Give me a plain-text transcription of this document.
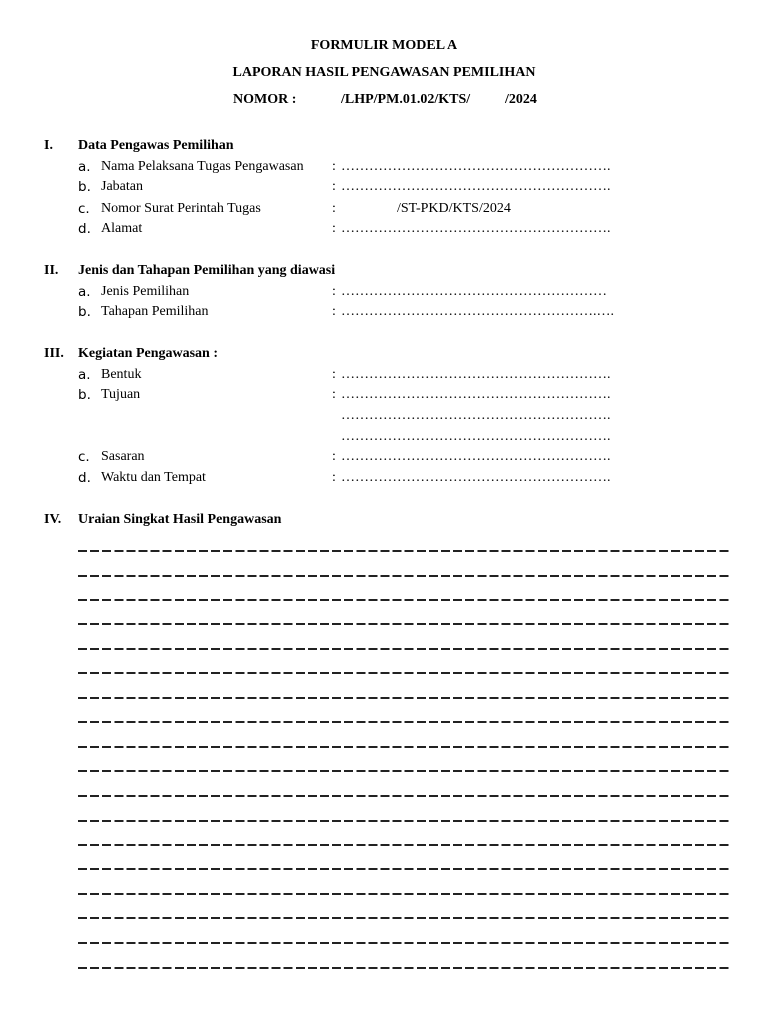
FORMULIR MODEL A
LAPORAN HASIL PENGAWASAN PEMILIHAN
NOMOR :	/LHP/PM.01.02/KTS/ /2024
I. Data Pengawas Pemilihan
a. Nama Pelaksana Tugas Pengawasan : ………………………………………………….
b. Jabatan	: ………………………………………………….
c. Nomor Surat Perintah Tugas	:	/ST-PKD/KTS/2024
d. Alamat	: ………………………………………………….
II. Jenis dan Tahapan Pemilihan yang diawasi
a. Jenis Pemilihan	: …………………………………………………
b. Tahapan Pemilihan	: ……………………………………………….….
III. Kegiatan Pengawasan :
a. Bentuk	: ………………………………………………….
b. Tujuan	: ………………………………………………….
………………………………………………….
………………………………………………….
c. Sasaran	: ………………………………………………….
d. Waktu dan Tempat	: ………………………………………………….
IV. Uraian Singkat Hasil Pengawasan
